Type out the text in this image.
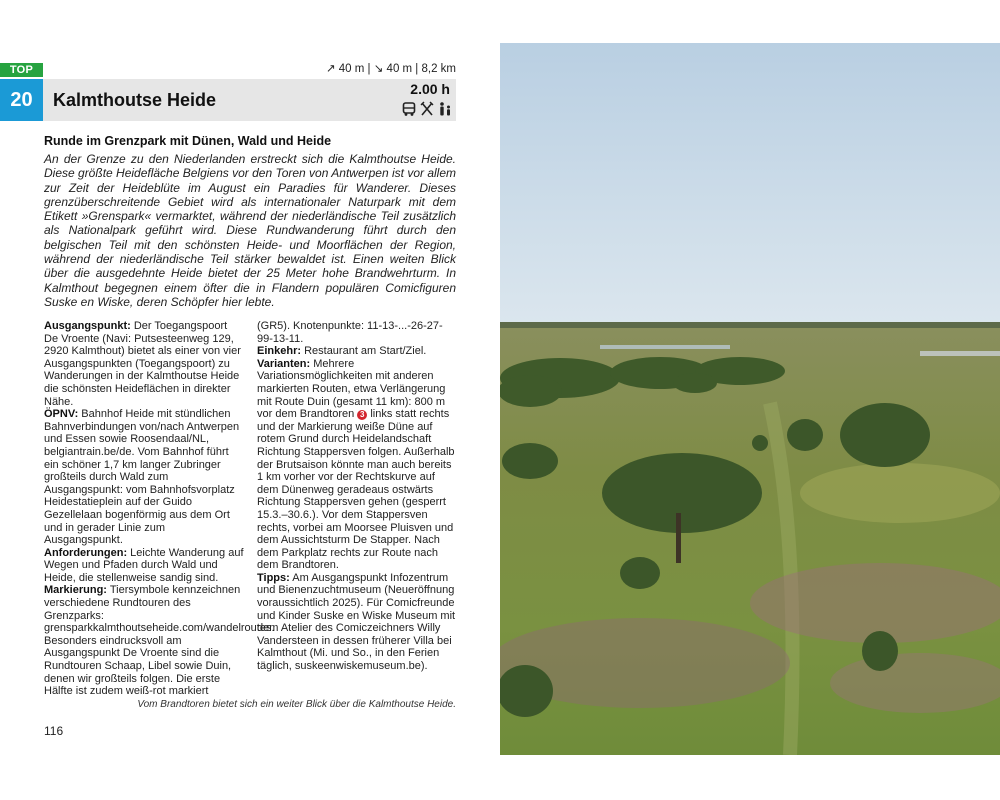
TOP	↗ 40 m | ↘ 40 m | 8,2 km
20	Kalmthoutse Heide
2.00 h
Runde im Grenzpark mit Dünen, Wald und Heide
An der Grenze zu den Niederlanden erstreckt sich die Kalmthoutse Heide. Diese größte Heidefläche Belgiens vor den Toren von Antwerpen ist vor allem zur Zeit der Heideblüte im August ein Paradies für Wanderer. Dieses grenzüberschreitende Gebiet wird als internationaler Naturpark mit dem Etikett »Grenspark« vermarktet, während der niederländische Teil zusätzlich als Nationalpark geführt wird. Diese Rundwanderung führt durch den belgischen Teil mit den schönsten Heide- und Moorflächen der Region, während der niederländische Teil stärker bewaldet ist. Einen weiten Blick über die ausgedehnte Heide bietet der 25 Meter hohe Brandwehrturm. In Kalmthout begegnen einem öfter die in Flandern populären Comicfiguren Suske en Wiske, deren Schöpfer hier lebte.

Ausgangspunkt: Der Toegangspoort De Vroente (Navi: Putsesteenweg 129, 2920 Kalmthout) bietet als einer von vier Ausgangspunkten (Toegangspoort) zu Wanderungen in der Kalmthoutse Heide die schönsten Heideflächen in direkter Nähe.

ÖPNV: Bahnhof Heide mit stündlichen Bahnverbindungen von/nach Antwerpen und Essen sowie Roosendaal/NL, belgiantrain.be/de. Vom Bahnhof führt ein schöner 1,7 km langer Zubringer großteils durch Wald zum Ausgangspunkt: vom Bahnhofsvorplatz Heidestatieplein auf der Guido Gezellelaan bogenförmig aus dem Ort und in gerader Linie zum Ausgangspunkt.

Anforderungen: Leichte Wanderung auf Wegen und Pfaden durch Wald und Heide, die stellenweise sandig sind.

Markierung: Tiersymbole kennzeichnen verschiedene Rundtouren des Grenzparks: grensparkkalmthoutseheide.com/wandelroutes. Besonders eindrucksvoll am Ausgangspunkt De Vroente sind die Rundtouren Schaap, Libel sowie Duin, denen wir großteils folgen. Die erste Hälfte ist zudem weiß-rot markiert

(GR5). Knotenpunkte: 11-13-...-26-27-99-13-11.

Einkehr: Restaurant am Start/Ziel.

Varianten: Mehrere Variationsmöglichkeiten mit anderen markierten Routen, etwa Verlängerung mit Route Duin (gesamt 11 km): 800 m vor dem Brandtoren 3 links statt rechts und der Markierung weiße Düne auf rotem Grund durch Heidelandschaft Richtung Stappersven folgen. Außerhalb der Brutsaison könnte man auch bereits 1 km vorher vor der Rechtskurve auf dem Dünenweg geradeaus ostwärts Richtung Stappersven gehen (gesperrt 15.3.–30.6.). Vor dem Stappersven rechts, vorbei am Moorsee Pluisven und dem Aussichtsturm De Stapper. Nach dem Parkplatz rechts zur Route nach dem Brandtoren.

Tipps: Am Ausgangspunkt Infozentrum und Bienenzuchtmuseum (Neueröffnung voraussichtlich 2025). Für Comicfreunde und Kinder Suske en Wiske Museum mit dem Atelier des Comiczeichners Willy Vandersteen in dessen früherer Villa bei Kalmthout (Mi. und So., in den Ferien täglich, suskeenwiskemuseum.be).

Vom Brandtoren bietet sich ein weiter Blick über die Kalmthoutse Heide.
116
